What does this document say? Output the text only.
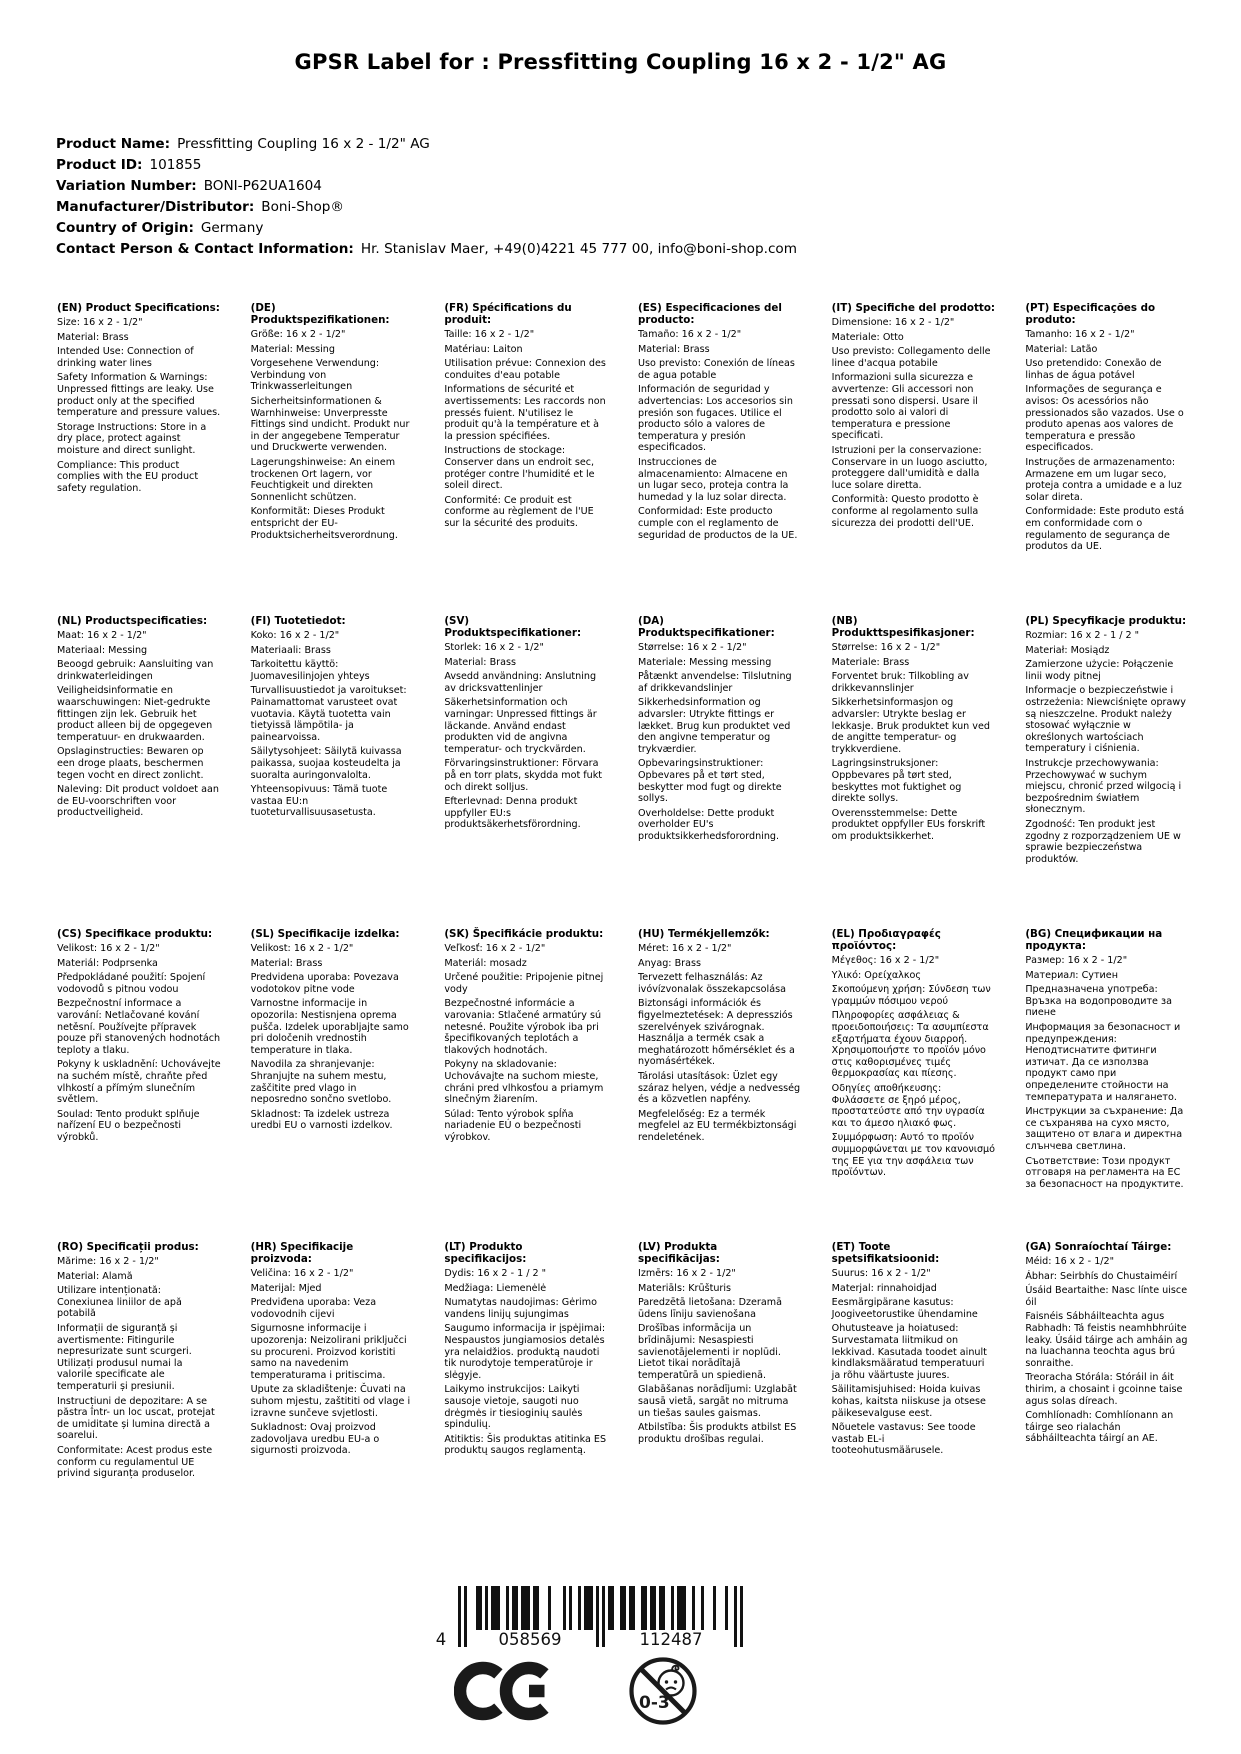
GPSR Label for : Pressfitting Coupling 16 x 2 - 1/2" AG
Product Name: Pressfitting Coupling 16 x 2 - 1/2" AG
Product ID: 101855
Variation Number: BONI-P62UA1604
Manufacturer/Distributor: Boni-Shop®
Country of Origin: Germany
Contact Person & Contact Information: Hr. Stanislav Maer, +49(0)4221 45 777 00, info@boni-shop.com
(EN) Product Specifications:
Size: 16 x 2 - 1/2"
Material: Brass
Intended Use: Connection of drinking water lines
Safety Information & Warnings: Unpressed fittings are leaky. Use product only at the specified temperature and pressure values.
Storage Instructions: Store in a dry place, protect against moisture and direct sunlight.
Compliance: This product complies with the EU product safety regulation.
(DE) Produktspezifikationen:
Größe: 16 x 2 - 1/2"
Material: Messing
Vorgesehene Verwendung: Verbindung von Trinkwasserleitungen
Sicherheitsinformationen & Warnhinweise: Unverpresste Fittings sind undicht. Produkt nur in der angegebene Temperatur und Druckwerte verwenden.
Lagerungshinweise: An einem trockenen Ort lagern, vor Feuchtigkeit und direkten Sonnenlicht schützen.
Konformität: Dieses Produkt entspricht der EU-Produktsicherheitsverordnung.
(FR) Spécifications du produit:
Taille: 16 x 2 - 1/2"
Matériau: Laiton
Utilisation prévue: Connexion des conduites d'eau potable
Informations de sécurité et avertissements: Les raccords non pressés fuient. N'utilisez le produit qu'à la température et à la pression spécifiées.
Instructions de stockage: Conserver dans un endroit sec, protéger contre l'humidité et le soleil direct.
Conformité: Ce produit est conforme au règlement de l'UE sur la sécurité des produits.
(ES) Especificaciones del producto:
Tamaño: 16 x 2 - 1/2"
Material: Brass
Uso previsto: Conexión de líneas de agua potable
Información de seguridad y advertencias: Los accesorios sin presión son fugaces. Utilice el producto sólo a valores de temperatura y presión especificados.
Instrucciones de almacenamiento: Almacene en un lugar seco, proteja contra la humedad y la luz solar directa.
Conformidad: Este producto cumple con el reglamento de seguridad de productos de la UE.
(IT) Specifiche del prodotto:
Dimensione: 16 x 2 - 1/2"
Materiale: Otto
Uso previsto: Collegamento delle linee d'acqua potabile
Informazioni sulla sicurezza e avvertenze: Gli accessori non pressati sono dispersi. Usare il prodotto solo ai valori di temperatura e pressione specificati.
Istruzioni per la conservazione: Conservare in un luogo asciutto, proteggere dall'umidità e dalla luce solare diretta.
Conformità: Questo prodotto è conforme al regolamento sulla sicurezza dei prodotti dell'UE.
(PT) Especificações do produto:
Tamanho: 16 x 2 - 1/2"
Material: Latão
Uso pretendido: Conexão de linhas de água potável
Informações de segurança e avisos: Os acessórios não pressionados são vazados. Use o produto apenas aos valores de temperatura e pressão especificados.
Instruções de armazenamento: Armazene em um lugar seco, proteja contra a umidade e a luz solar direta.
Conformidade: Este produto está em conformidade com o regulamento de segurança de produtos da UE.
(NL) Productspecificaties:
Maat: 16 x 2 - 1/2"
Materiaal: Messing
Beoogd gebruik: Aansluiting van drinkwaterleidingen
Veiligheidsinformatie en waarschuwingen: Niet-gedrukte fittingen zijn lek. Gebruik het product alleen bij de opgegeven temperatuur- en drukwaarden.
Opslaginstructies: Bewaren op een droge plaats, beschermen tegen vocht en direct zonlicht.
Naleving: Dit product voldoet aan de EU-voorschriften voor productveiligheid.
(FI) Tuotetiedot:
Koko: 16 x 2 - 1/2"
Materiaali: Brass
Tarkoitettu käyttö: Juomavesilinjojen yhteys
Turvallisuustiedot ja varoitukset: Painamattomat varusteet ovat vuotavia. Käytä tuotetta vain tietyissä lämpötila- ja painearvoissa.
Säilytysohjeet: Säilytä kuivassa paikassa, suojaa kosteudelta ja suoralta auringonvalolta.
Yhteensopivuus: Tämä tuote vastaa EU:n tuoteturvallisuusasetusta.
(SV) Produktspecifikationer:
Storlek: 16 x 2 - 1/2"
Material: Brass
Avsedd användning: Anslutning av dricksvattenlinjer
Säkerhetsinformation och varningar: Unpressed fittings är läckande. Använd endast produkten vid de angivna temperatur- och tryckvärden.
Förvaringsinstruktioner: Förvara på en torr plats, skydda mot fukt och direkt solljus.
Efterlevnad: Denna produkt uppfyller EU:s produktsäkerhetsförordning.
(DA) Produktspecifikationer:
Størrelse: 16 x 2 - 1/2"
Materiale: Messing messing
Påtænkt anvendelse: Tilslutning af drikkevandslinjer
Sikkerhedsinformation og advarsler: Utrykte fittings er lækket. Brug kun produktet ved den angivne temperatur og trykværdier.
Opbevaringsinstruktioner: Opbevares på et tørt sted, beskytter mod fugt og direkte sollys.
Overholdelse: Dette produkt overholder EU's produktsikkerhedsforordning.
(NB) Produkttspesifikasjoner:
Størrelse: 16 x 2 - 1/2"
Materiale: Brass
Forventet bruk: Tilkobling av drikkevannslinjer
Sikkerhetsinformasjon og advarsler: Utrykte beslag er lekkasje. Bruk produktet kun ved de angitte temperatur- og trykkverdiene.
Lagringsinstruksjoner: Oppbevares på tørt sted, beskyttes mot fuktighet og direkte sollys.
Overensstemmelse: Dette produktet oppfyller EUs forskrift om produktsikkerhet.
(PL) Specyfikacje produktu:
Rozmiar: 16 x 2 - 1 / 2 "
Materiał: Mosiądz
Zamierzone użycie: Połączenie linii wody pitnej
Informacje o bezpieczeństwie i ostrzeżenia: Niewciśnięte oprawy są nieszczelne. Produkt należy stosować wyłącznie w określonych wartościach temperatury i ciśnienia.
Instrukcje przechowywania: Przechowywać w suchym miejscu, chronić przed wilgocią i bezpośrednim światłem słonecznym.
Zgodność: Ten produkt jest zgodny z rozporządzeniem UE w sprawie bezpieczeństwa produktów.
(CS) Specifikace produktu:
Velikost: 16 x 2 - 1/2"
Materiál: Podprsenka
Předpokládané použití: Spojení vodovodů s pitnou vodou
Bezpečnostní informace a varování: Netlačované kování netěsní. Používejte přípravek pouze při stanovených hodnotách teploty a tlaku.
Pokyny k uskladnění: Uchovávejte na suchém místě, chraňte před vlhkostí a přímým slunečním světlem.
Soulad: Tento produkt splňuje nařízení EU o bezpečnosti výrobků.
(SL) Specifikacije izdelka:
Velikost: 16 x 2 - 1/2"
Material: Brass
Predvidena uporaba: Povezava vodotokov pitne vode
Varnostne informacije in opozorila: Nestisnjena oprema pušča. Izdelek uporabljajte samo pri določenih vrednostih temperature in tlaka.
Navodila za shranjevanje: Shranjujte na suhem mestu, zaščitite pred vlago in neposredno sončno svetlobo.
Skladnost: Ta izdelek ustreza uredbi EU o varnosti izdelkov.
(SK) Špecifikácie produktu:
Veľkosť: 16 x 2 - 1/2"
Materiál: mosadz
Určené použitie: Pripojenie pitnej vody
Bezpečnostné informácie a varovania: Stlačené armatúry sú netesné. Použite výrobok iba pri špecifikovaných teplotách a tlakových hodnotách.
Pokyny na skladovanie: Uchovávajte na suchom mieste, chráni pred vlhkosťou a priamym slnečným žiarením.
Súlad: Tento výrobok spĺňa nariadenie EÚ o bezpečnosti výrobkov.
(HU) Termékjellemzők:
Méret: 16 x 2 - 1/2"
Anyag: Brass
Tervezett felhasználás: Az ivóvízvonalak összekapcsolása
Biztonsági információk és figyelmeztetések: A depressziós szerelvények szivárognak. Használja a termék csak a meghatározott hőmérséklet és a nyomásértékek.
Tárolási utasítások: Üzlet egy száraz helyen, védje a nedvesség és a közvetlen napfény.
Megfelelőség: Ez a termék megfelel az EU termékbiztonsági rendeletének.
(EL) Προδιαγραφές προϊόντος:
Μέγεθος: 16 x 2 - 1/2"
Υλικό: Ορείχαλκος
Σκοπούμενη χρήση: Σύνδεση των γραμμών πόσιμου νερού
Πληροφορίες ασφάλειας & προειδοποιήσεις: Τα ασυμπίεστα εξαρτήματα έχουν διαρροή. Χρησιμοποιήστε το προϊόν μόνο στις καθορισμένες τιμές θερμοκρασίας και πίεσης.
Οδηγίες αποθήκευσης: Φυλάσσετε σε ξηρό μέρος, προστατεύστε από την υγρασία και το άμεσο ηλιακό φως.
Συμμόρφωση: Αυτό το προϊόν συμμορφώνεται με τον κανονισμό της ΕΕ για την ασφάλεια των προϊόντων.
(BG) Спецификации на продукта:
Размер: 16 x 2 - 1/2"
Материал: Сутиен
Предназначена употреба: Връзка на водопроводите за пиене
Информация за безопасност и предупреждения: Неподтиснатите фитинги изтичат. Да се използва продукт само при определените стойности на температурата и налягането.
Инструкции за съхранение: Да се съхранява на сухо място, защитено от влага и директна слънчева светлина.
Съответствие: Този продукт отговаря на регламента на ЕС за безопасност на продуктите.
(RO) Specificații produs:
Mărime: 16 x 2 - 1/2"
Material: Alamă
Utilizare intenționată: Conexiunea liniilor de apă potabilă
Informații de siguranță și avertismente: Fitingurile nepresurizate sunt scurgeri. Utilizați produsul numai la valorile specificate ale temperaturii și presiunii.
Instrucțiuni de depozitare: A se păstra într- un loc uscat, protejat de umiditate și lumina directă a soarelui.
Conformitate: Acest produs este conform cu regulamentul UE privind siguranța produselor.
(HR) Specifikacije proizvoda:
Veličina: 16 x 2 - 1/2"
Materijal: Mjed
Predviđena uporaba: Veza vodovodnih cijevi
Sigurnosne informacije i upozorenja: Neizolirani priključci su procureni. Proizvod koristiti samo na navedenim temperaturama i pritiscima.
Upute za skladištenje: Čuvati na suhom mjestu, zaštititi od vlage i izravne sunčeve svjetlosti.
Sukladnost: Ovaj proizvod zadovoljava uredbu EU-a o sigurnosti proizvoda.
(LT) Produkto specifikacijos:
Dydis: 16 x 2 - 1 / 2 "
Medžiaga: Liemenėlė
Numatytas naudojimas: Gėrimo vandens linijų sujungimas
Saugumo informacija ir įspėjimai: Nespaustos jungiamosios detalės yra nelaidžios. produktą naudoti tik nurodytoje temperatūroje ir slėgyje.
Laikymo instrukcijos: Laikyti sausoje vietoje, saugoti nuo drėgmės ir tiesioginių saulės spindulių.
Atitiktis: Šis produktas atitinka ES produktų saugos reglamentą.
(LV) Produkta specifikācijas:
Izmērs: 16 x 2 - 1/2"
Materiāls: Krūšturis
Paredzētā lietošana: Dzeramā ūdens līniju savienošana
Drošības informācija un brīdinājumi: Nesaspiesti savienotājelementi ir noplūdi. Lietot tikai norādītajā temperatūrā un spiedienā.
Glabāšanas norādījumi: Uzglabāt sausā vietā, sargāt no mitruma un tiešas saules gaismas.
Atbilstība: Šis produkts atbilst ES produktu drošības regulai.
(ET) Toote spetsifikatsioonid:
Suurus: 16 x 2 - 1/2"
Materjal: rinnahoidjad
Eesmärgipärane kasutus: Joogiveetorustike ühendamine
Ohutusteave ja hoiatused: Survestamata liitmikud on lekkivad. Kasutada toodet ainult kindlaksmääratud temperatuuri ja rõhu väärtuste juures.
Säilitamisjuhised: Hoida kuivas kohas, kaitsta niiskuse ja otsese päikesevalguse eest.
Nõuetele vastavus: See toode vastab EL-i tooteohutusmäärusele.
(GA) Sonraíochtaí Táirge:
Méid: 16 x 2 - 1/2"
Ábhar: Seirbhís do Chustaiméirí
Úsáid Beartaithe: Nasc línte uisce óil
Faisnéis Sábháilteachta agus Rabhadh: Tá feistis neamhbhrúite leaky. Úsáid táirge ach amháin ag na luachanna teochta agus brú sonraithe.
Treoracha Stórála: Stóráil in áit thirim, a chosaint i gcoinne taise agus solas díreach.
Comhlíonadh: Comhlíonann an táirge seo rialachán sábháilteachta táirgí an AE.
4	058569	112487
0-3
